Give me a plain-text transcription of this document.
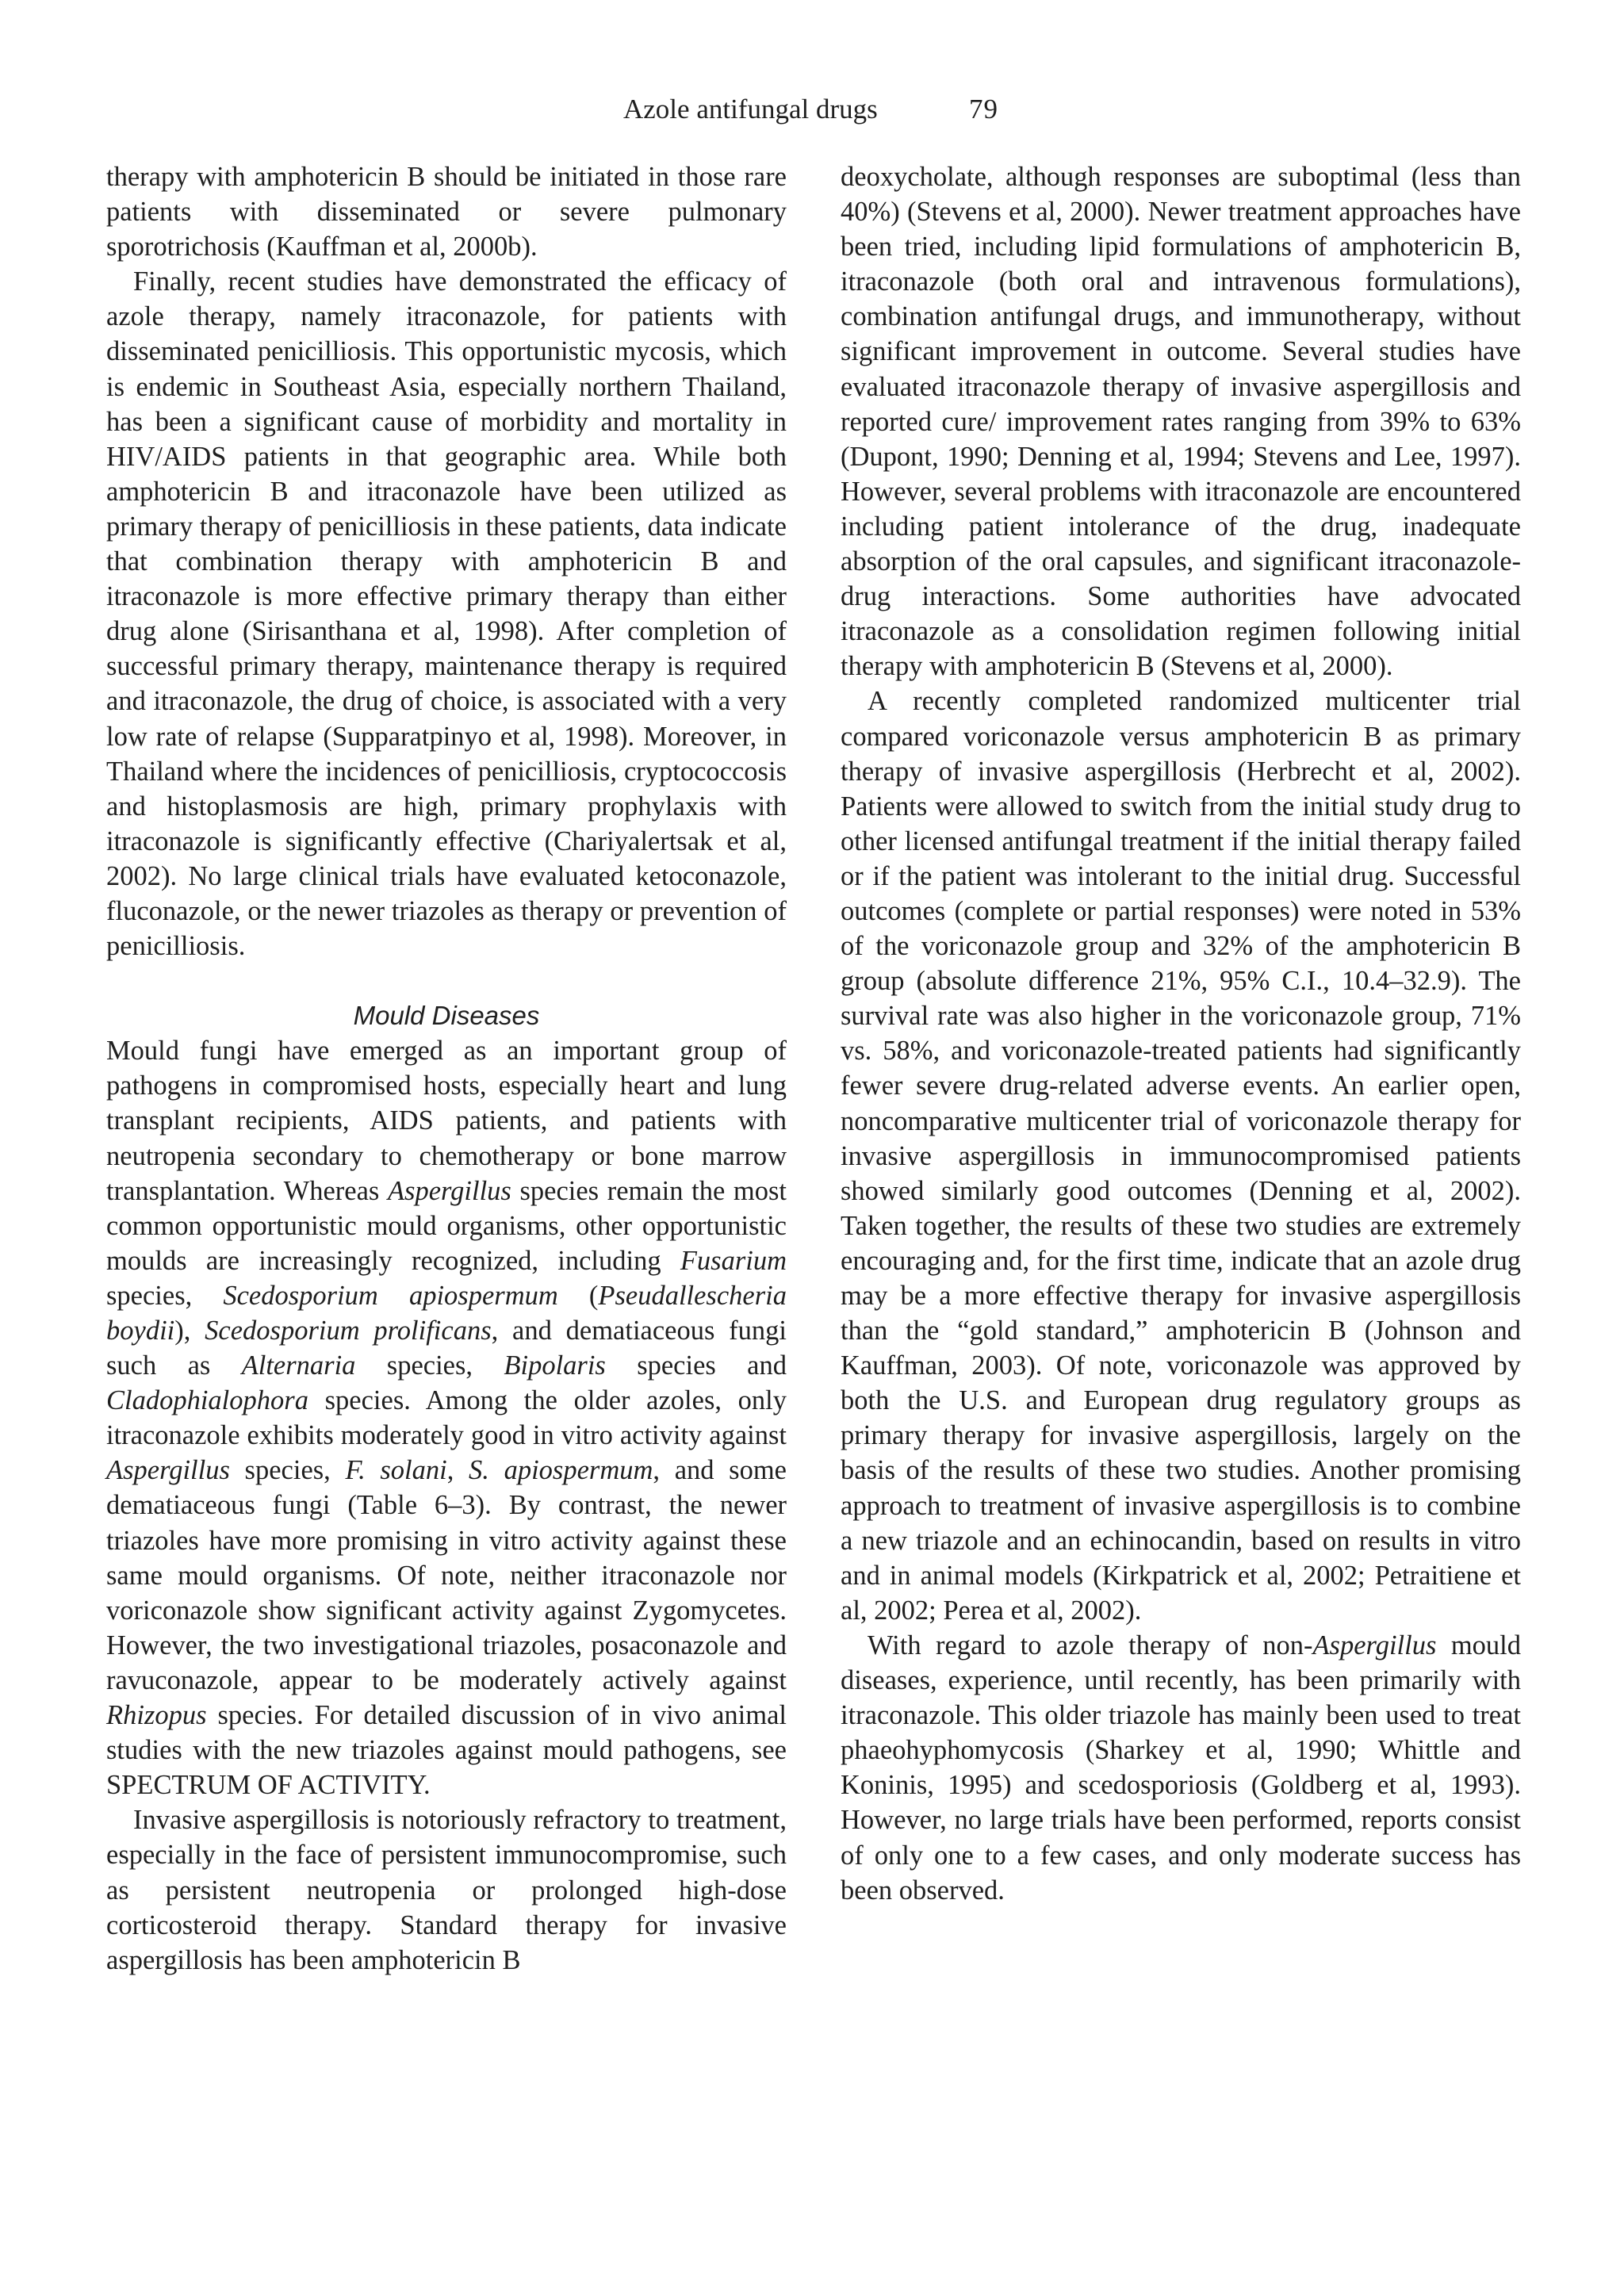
Azole antifungal drugs	79

therapy with amphotericin B should be initiated in those rare patients with disseminated or severe pulmonary sporotrichosis (Kauffman et al, 2000b).

Finally, recent studies have demonstrated the efficacy of azole therapy, namely itraconazole, for patients with disseminated penicilliosis. This opportunistic mycosis, which is endemic in Southeast Asia, especially northern Thailand, has been a significant cause of morbidity and mortality in HIV/AIDS patients in that geographic area. While both amphotericin B and itraconazole have been utilized as primary therapy of penicilliosis in these patients, data indicate that combination therapy with amphotericin B and itraconazole is more effective primary therapy than either drug alone (Sirisanthana et al, 1998). After completion of successful primary therapy, maintenance therapy is required and itraconazole, the drug of choice, is associated with a very low rate of relapse (Supparatpinyo et al, 1998). Moreover, in Thailand where the incidences of penicilliosis, cryptococcosis and histoplasmosis are high, primary prophylaxis with itraconazole is significantly effective (Chariyalertsak et al, 2002). No large clinical trials have evaluated ketoconazole, fluconazole, or the newer triazoles as therapy or prevention of penicilliosis.

Mould Diseases

Mould fungi have emerged as an important group of pathogens in compromised hosts, especially heart and lung transplant recipients, AIDS patients, and patients with neutropenia secondary to chemotherapy or bone marrow transplantation. Whereas Aspergillus species remain the most common opportunistic mould organisms, other opportunistic moulds are increasingly recognized, including Fusarium species, Scedosporium apiospermum (Pseudallescheria boydii), Scedosporium prolificans, and dematiaceous fungi such as Alternaria species, Bipolaris species and Cladophialophora species. Among the older azoles, only itraconazole exhibits moderately good in vitro activity against Aspergillus species, F. solani, S. apiospermum, and some dematiaceous fungi (Table 6–3). By contrast, the newer triazoles have more promising in vitro activity against these same mould organisms. Of note, neither itraconazole nor voriconazole show significant activity against Zygomycetes. However, the two investigational triazoles, posaconazole and ravuconazole, appear to be moderately actively against Rhizopus species. For detailed discussion of in vivo animal studies with the new triazoles against mould pathogens, see SPECTRUM OF ACTIVITY.

Invasive aspergillosis is notoriously refractory to treatment, especially in the face of persistent immunocompromise, such as persistent neutropenia or prolonged high-dose corticosteroid therapy. Standard therapy for invasive aspergillosis has been amphotericin B

deoxycholate, although responses are suboptimal (less than 40%) (Stevens et al, 2000). Newer treatment approaches have been tried, including lipid formulations of amphotericin B, itraconazole (both oral and intravenous formulations), combination antifungal drugs, and immunotherapy, without significant improvement in outcome. Several studies have evaluated itraconazole therapy of invasive aspergillosis and reported cure/ improvement rates ranging from 39% to 63% (Dupont, 1990; Denning et al, 1994; Stevens and Lee, 1997). However, several problems with itraconazole are encountered including patient intolerance of the drug, inadequate absorption of the oral capsules, and significant itraconazole-drug interactions. Some authorities have advocated itraconazole as a consolidation regimen following initial therapy with amphotericin B (Stevens et al, 2000).

A recently completed randomized multicenter trial compared voriconazole versus amphotericin B as primary therapy of invasive aspergillosis (Herbrecht et al, 2002). Patients were allowed to switch from the initial study drug to other licensed antifungal treatment if the initial therapy failed or if the patient was intolerant to the initial drug. Successful outcomes (complete or partial responses) were noted in 53% of the voriconazole group and 32% of the amphotericin B group (absolute difference 21%, 95% C.I., 10.4–32.9). The survival rate was also higher in the voriconazole group, 71% vs. 58%, and voriconazole-treated patients had significantly fewer severe drug-related adverse events. An earlier open, noncomparative multicenter trial of voriconazole therapy for invasive aspergillosis in immunocompromised patients showed similarly good outcomes (Denning et al, 2002). Taken together, the results of these two studies are extremely encouraging and, for the first time, indicate that an azole drug may be a more effective therapy for invasive aspergillosis than the “gold standard,” amphotericin B (Johnson and Kauffman, 2003). Of note, voriconazole was approved by both the U.S. and European drug regulatory groups as primary therapy for invasive aspergillosis, largely on the basis of the results of these two studies. Another promising approach to treatment of invasive aspergillosis is to combine a new triazole and an echinocandin, based on results in vitro and in animal models (Kirkpatrick et al, 2002; Petraitiene et al, 2002; Perea et al, 2002).

With regard to azole therapy of non-Aspergillus mould diseases, experience, until recently, has been primarily with itraconazole. This older triazole has mainly been used to treat phaeohyphomycosis (Sharkey et al, 1990; Whittle and Koninis, 1995) and scedosporiosis (Goldberg et al, 1993). However, no large trials have been performed, reports consist of only one to a few cases, and only moderate success has been observed.
